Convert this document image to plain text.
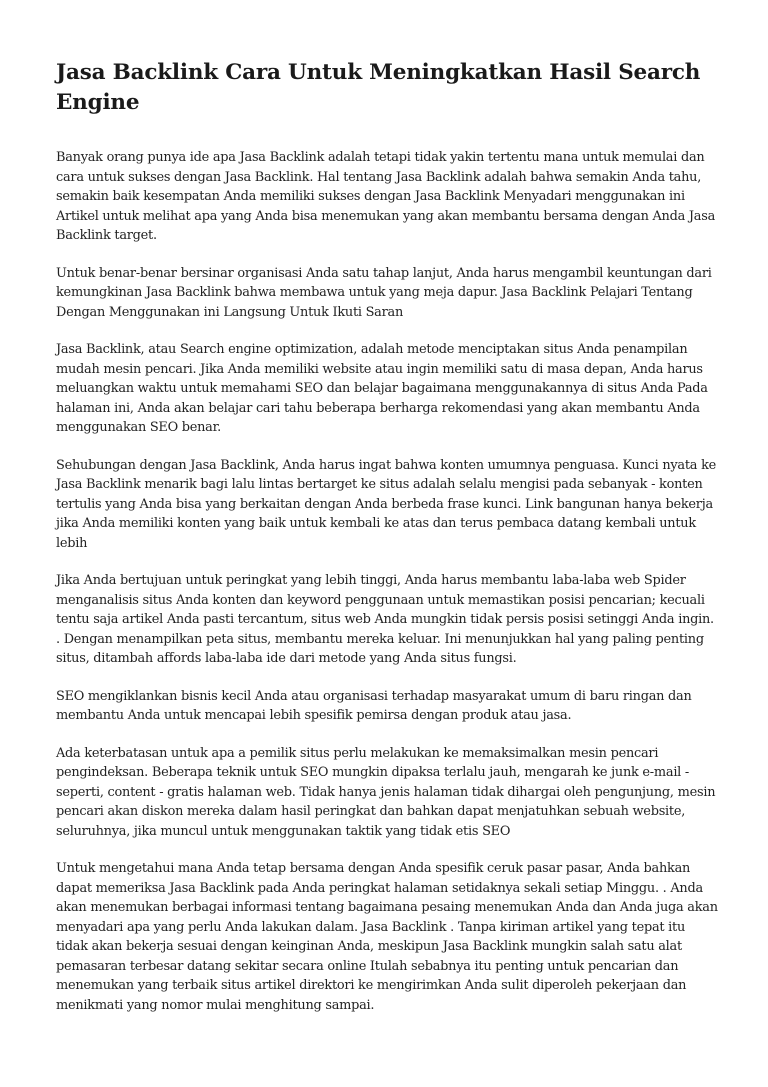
Jasa Backlink Cara Untuk Meningkatkan Hasil Search Engine

Banyak orang punya ide apa Jasa Backlink adalah tetapi tidak yakin tertentu mana untuk memulai dan cara untuk sukses dengan Jasa Backlink. Hal tentang Jasa Backlink adalah bahwa semakin Anda tahu, semakin baik kesempatan Anda memiliki sukses dengan Jasa Backlink Menyadari menggunakan ini Artikel untuk melihat apa yang Anda bisa menemukan yang akan membantu bersama dengan Anda Jasa Backlink target.

Untuk benar-benar bersinar organisasi Anda satu tahap lanjut, Anda harus mengambil keuntungan dari kemungkinan Jasa Backlink bahwa membawa untuk yang meja dapur. Jasa Backlink Pelajari Tentang Dengan Menggunakan ini Langsung Untuk Ikuti Saran

Jasa Backlink, atau Search engine optimization, adalah metode menciptakan situs Anda penampilan mudah mesin pencari. Jika Anda memiliki website atau ingin memiliki satu di masa depan, Anda harus meluangkan waktu untuk memahami SEO dan belajar bagaimana menggunakannya di situs Anda Pada halaman ini, Anda akan belajar cari tahu beberapa berharga rekomendasi yang akan membantu Anda menggunakan SEO benar.

Sehubungan dengan Jasa Backlink, Anda harus ingat bahwa konten umumnya penguasa. Kunci nyata ke Jasa Backlink menarik bagi lalu lintas bertarget ke situs adalah selalu mengisi pada sebanyak - konten tertulis yang Anda bisa yang berkaitan dengan Anda berbeda frase kunci. Link bangunan hanya bekerja jika Anda memiliki konten yang baik untuk kembali ke atas dan terus pembaca datang kembali untuk lebih

Jika Anda bertujuan untuk peringkat yang lebih tinggi, Anda harus membantu laba-laba web Spider menganalisis situs Anda konten dan keyword penggunaan untuk memastikan posisi pencarian; kecuali tentu saja artikel Anda pasti tercantum, situs web Anda mungkin tidak persis posisi setinggi Anda ingin. . Dengan menampilkan peta situs, membantu mereka keluar. Ini menunjukkan hal yang paling penting situs, ditambah affords laba-laba ide dari metode yang Anda situs fungsi.

SEO mengiklankan bisnis kecil Anda atau organisasi terhadap masyarakat umum di baru ringan dan membantu Anda untuk mencapai lebih spesifik pemirsa dengan produk atau jasa.

Ada keterbatasan untuk apa a pemilik situs perlu melakukan ke memaksimalkan mesin pencari pengindeksan. Beberapa teknik untuk SEO mungkin dipaksa terlalu jauh, mengarah ke junk e-mail - seperti, content - gratis halaman web. Tidak hanya jenis halaman tidak dihargai oleh pengunjung, mesin pencari akan diskon mereka dalam hasil peringkat dan bahkan dapat menjatuhkan sebuah website, seluruhnya, jika muncul untuk menggunakan taktik yang tidak etis SEO

Untuk mengetahui mana Anda tetap bersama dengan Anda spesifik ceruk pasar pasar, Anda bahkan dapat memeriksa Jasa Backlink pada Anda peringkat halaman setidaknya sekali setiap Minggu. . Anda akan menemukan berbagai informasi tentang bagaimana pesaing menemukan Anda dan Anda juga akan menyadari apa yang perlu Anda lakukan dalam. Jasa Backlink . Tanpa kiriman artikel yang tepat itu tidak akan bekerja sesuai dengan keinginan Anda, meskipun Jasa Backlink mungkin salah satu alat pemasaran terbesar datang sekitar secara online Itulah sebabnya itu penting untuk pencarian dan menemukan yang terbaik situs artikel direktori ke mengirimkan Anda sulit diperoleh pekerjaan dan menikmati yang nomor mulai menghitung sampai.
